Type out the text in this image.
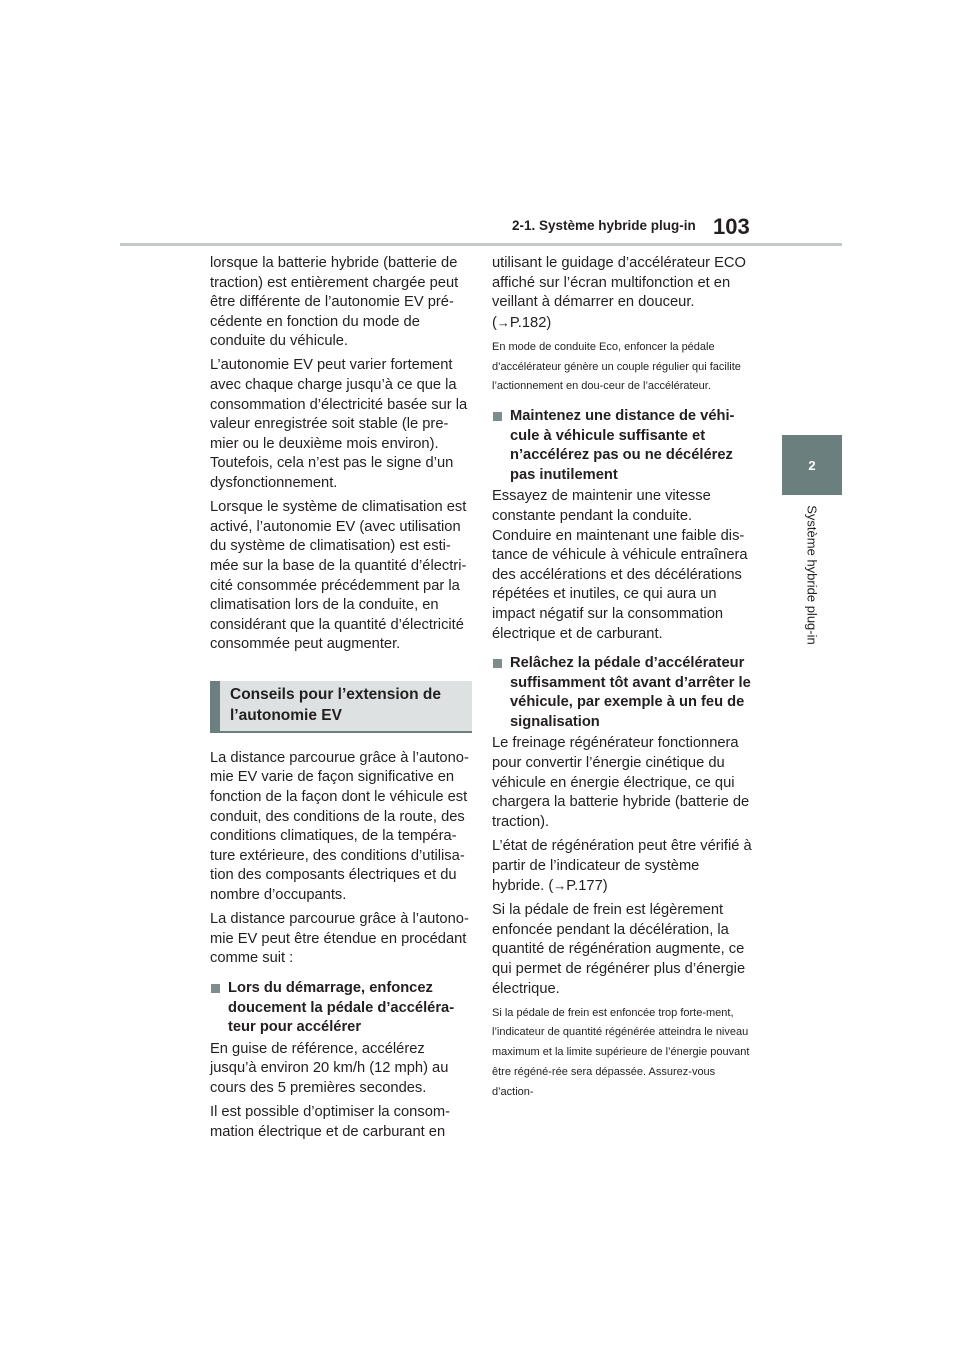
2-1. Système hybride plug-in 103
2
Système hybride plug-in

lorsque la batterie hybride (batterie de traction) est entièrement chargée peut être différente de l’autonomie EV pré-cédente en fonction du mode de conduite du véhicule.

L’autonomie EV peut varier fortement avec chaque charge jusqu’à ce que la consommation d’électricité basée sur la valeur enregistrée soit stable (le pre-mier ou le deuxième mois environ). Toutefois, cela n’est pas le signe d’un dysfonctionnement.

Lorsque le système de climatisation est activé, l’autonomie EV (avec utilisation du système de climatisation) est esti-mée sur la base de la quantité d’électri-cité consommée précédemment par la climatisation lors de la conduite, en considérant que la quantité d’électricité consommée peut augmenter.

Conseils pour l’extension de l’autonomie EV

La distance parcourue grâce à l’autono-mie EV varie de façon significative en fonction de la façon dont le véhicule est conduit, des conditions de la route, des conditions climatiques, de la tempéra-ture extérieure, des conditions d’utilisa-tion des composants électriques et du nombre d’occupants.

La distance parcourue grâce à l’autono-mie EV peut être étendue en procédant comme suit :

Lors du démarrage, enfoncez doucement la pédale d’accéléra-teur pour accélérer

En guise de référence, accélérez jusqu’à environ 20 km/h (12 mph) au cours des 5 premières secondes.

Il est possible d’optimiser la consom-mation électrique et de carburant en

utilisant le guidage d’accélérateur ECO affiché sur l’écran multifonction et en veillant à démarrer en douceur. (→P.182)

En mode de conduite Eco, enfoncer la pédale d’accélérateur génère un couple régulier qui facilite l’actionnement en dou-ceur de l’accélérateur.

Maintenez une distance de véhi-cule à véhicule suffisante et n’accélérez pas ou ne décélérez pas inutilement

Essayez de maintenir une vitesse constante pendant la conduite. Conduire en maintenant une faible dis-tance de véhicule à véhicule entraînera des accélérations et des décélérations répétées et inutiles, ce qui aura un impact négatif sur la consommation électrique et de carburant.

Relâchez la pédale d’accélérateur suffisamment tôt avant d’arrêter le véhicule, par exemple à un feu de signalisation

Le freinage régénérateur fonctionnera pour convertir l’énergie cinétique du véhicule en énergie électrique, ce qui chargera la batterie hybride (batterie de traction).

L’état de régénération peut être vérifié à partir de l’indicateur de système hybride. (→P.177)

Si la pédale de frein est légèrement enfoncée pendant la décélération, la quantité de régénération augmente, ce qui permet de régénérer plus d’énergie électrique.

Si la pédale de frein est enfoncée trop forte-ment, l’indicateur de quantité régénérée atteindra le niveau maximum et la limite supérieure de l’énergie pouvant être régéné-rée sera dépassée. Assurez-vous d’action-
